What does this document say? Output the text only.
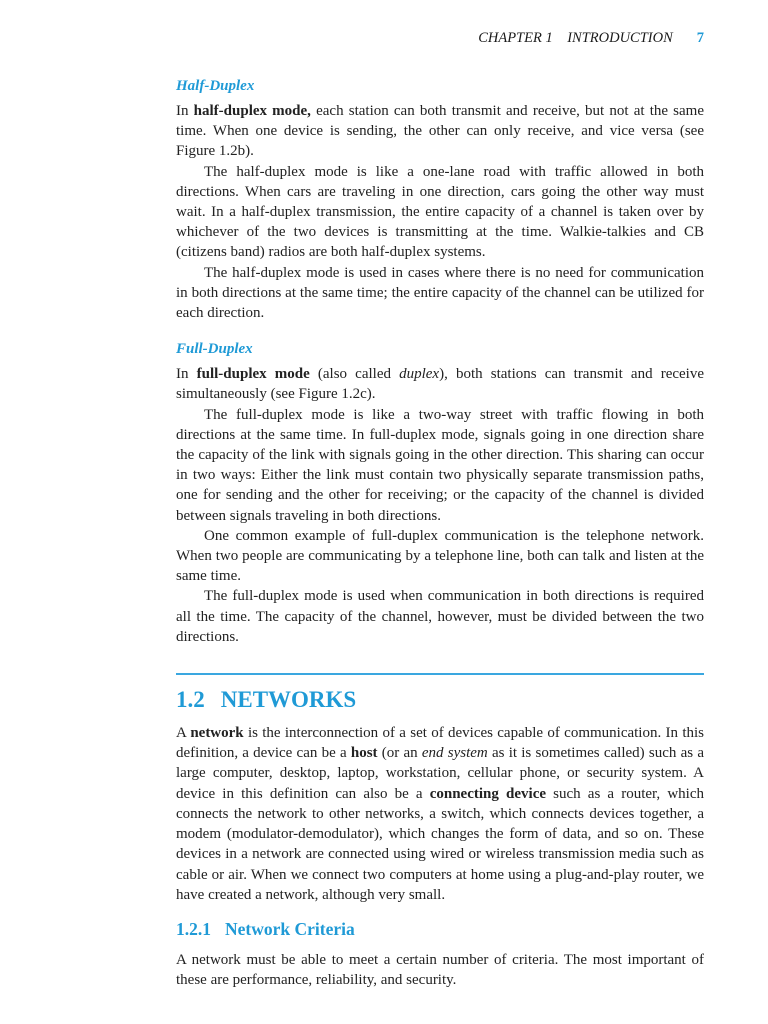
CHAPTER 1    INTRODUCTION 7
Half-Duplex

In half-duplex mode, each station can both transmit and receive, but not at the same time. When one device is sending, the other can only receive, and vice versa (see Figure 1.2b).

The half-duplex mode is like a one-lane road with traffic allowed in both directions. When cars are traveling in one direction, cars going the other way must wait. In a half-duplex transmission, the entire capacity of a channel is taken over by whichever of the two devices is transmitting at the time. Walkie-talkies and CB (citizens band) radios are both half-duplex systems.

The half-duplex mode is used in cases where there is no need for communication in both directions at the same time; the entire capacity of the channel can be utilized for each direction.

Full-Duplex

In full-duplex mode (also called duplex), both stations can transmit and receive simultaneously (see Figure 1.2c).

The full-duplex mode is like a two-way street with traffic flowing in both directions at the same time. In full-duplex mode, signals going in one direction share the capacity of the link with signals going in the other direction. This sharing can occur in two ways: Either the link must contain two physically separate transmission paths, one for sending and the other for receiving; or the capacity of the channel is divided between signals traveling in both directions.

One common example of full-duplex communication is the telephone network. When two people are communicating by a telephone line, both can talk and listen at the same time.

The full-duplex mode is used when communication in both directions is required all the time. The capacity of the channel, however, must be divided between the two directions.

1.2 NETWORKS

A network is the interconnection of a set of devices capable of communication. In this definition, a device can be a host (or an end system as it is sometimes called) such as a large computer, desktop, laptop, workstation, cellular phone, or security system. A device in this definition can also be a connecting device such as a router, which connects the network to other networks, a switch, which connects devices together, a modem (modulator-demodulator), which changes the form of data, and so on. These devices in a network are connected using wired or wireless transmission media such as cable or air. When we connect two computers at home using a plug-and-play router, we have created a network, although very small.

1.2.1 Network Criteria

A network must be able to meet a certain number of criteria. The most important of these are performance, reliability, and security.
